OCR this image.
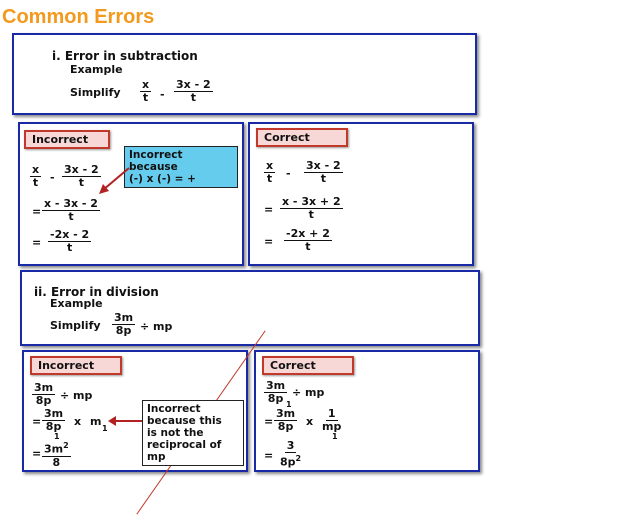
Common Errors
i. Error in subtraction
Example
Simplify $\frac{x}{t} - \frac{3x - 2}{t}$
Incorrect
Incorrect
because
(-) x (-) = +
$\frac{x}{t} - \frac{3x - 2}{t}$
= $\frac{x - 3x - 2}{t}$
= $\frac{-2x - 2}{t}$
Correct
$\frac{x}{t} - \frac{3x - 2}{t}$
= $\frac{x - 3x + 2}{t}$
= $\frac{-2x + 2}{t}$
ii. Error in division
Example
Simplify $\frac{3m}{8p}$ ÷ mp
Incorrect
$\frac{3m}{8p}$ ÷ mp
= $\frac{3m}{8p}$
1
x m
1
= $\frac{3m^2}{8}$
Incorrect
because this
is not the
reciprocal of
mp
Correct
$\frac{3m}{8p}$ ÷ mp
1
= $\frac{3m}{8p}$ x $\frac{1}{mp}$
1
= $\frac{3}{8p^2}$
